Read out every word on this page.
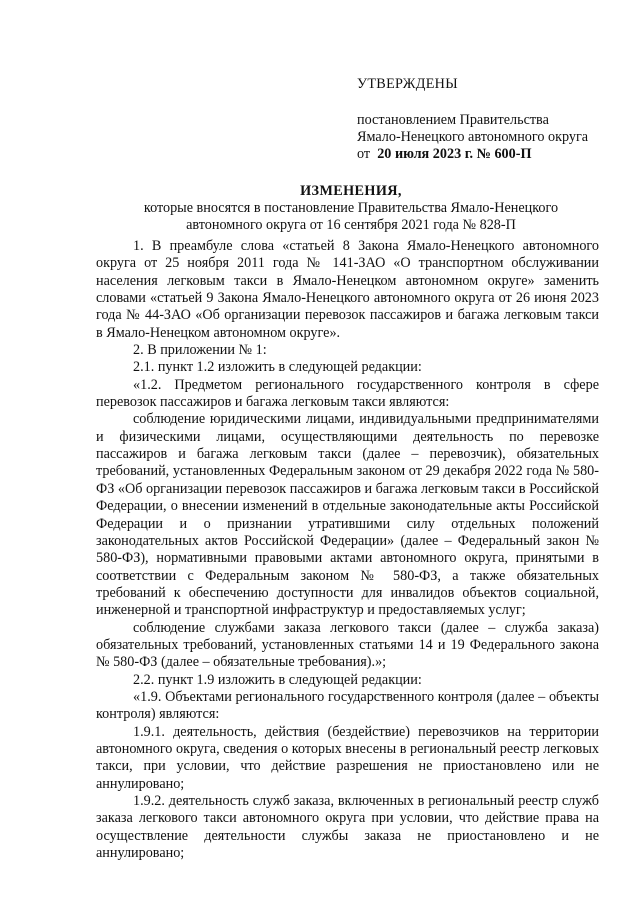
УТВЕРЖДЕНЫ

постановлением Правительства

Ямало-Ненецкого автономного округа

от 20 июля 2023 г. № 600-П

ИЗМЕНЕНИЯ,

которые вносятся в постановление Правительства Ямало-Ненецкого

автономного округа от 16 сентября 2021 года № 828-П

1. В преамбуле слова «статьей 8 Закона Ямало-Ненецкого автономного округа от 25 ноября 2011 года № 141-ЗАО «О транспортном обслуживании населения легковым такси в Ямало-Ненецком автономном округе» заменить словами «статьей 9 Закона Ямало-Ненецкого автономного округа от 26 июня 2023 года № 44-ЗАО «Об организации перевозок пассажиров и багажа легковым такси в Ямало-Ненецком автономном округе».

2. В приложении № 1:

2.1. пункт 1.2 изложить в следующей редакции:

«1.2. Предметом регионального государственного контроля в сфере перевозок пассажиров и багажа легковым такси являются:

соблюдение юридическими лицами, индивидуальными предпринимателями и физическими лицами, осуществляющими деятельность по перевозке пассажиров и багажа легковым такси (далее – перевозчик), обязательных требований, установленных Федеральным законом от 29 декабря 2022 года № 580-ФЗ «Об организации перевозок пассажиров и багажа легковым такси в Российской Федерации, о внесении изменений в отдельные законодательные акты Российской Федерации и о признании утратившими силу отдельных положений законодательных актов Российской Федерации» (далее – Федеральный закон № 580-ФЗ), нормативными правовыми актами автономного округа, принятыми в соответствии с Федеральным законом № 580-ФЗ, а также обязательных требований к обеспечению доступности для инвалидов объектов социальной, инженерной и транспортной инфраструктур и предоставляемых услуг;

соблюдение службами заказа легкового такси (далее – служба заказа) обязательных требований, установленных статьями 14 и 19 Федерального закона № 580-ФЗ (далее – обязательные требования).»;

2.2. пункт 1.9 изложить в следующей редакции:

«1.9. Объектами регионального государственного контроля (далее – объекты контроля) являются:

1.9.1. деятельность, действия (бездействие) перевозчиков на территории автономного округа, сведения о которых внесены в региональный реестр легковых такси, при условии, что действие разрешения не приостановлено или не аннулировано;

1.9.2. деятельность служб заказа, включенных в региональный реестр служб заказа легкового такси автономного округа при условии, что действие права на осуществление деятельности службы заказа не приостановлено и не аннулировано;
